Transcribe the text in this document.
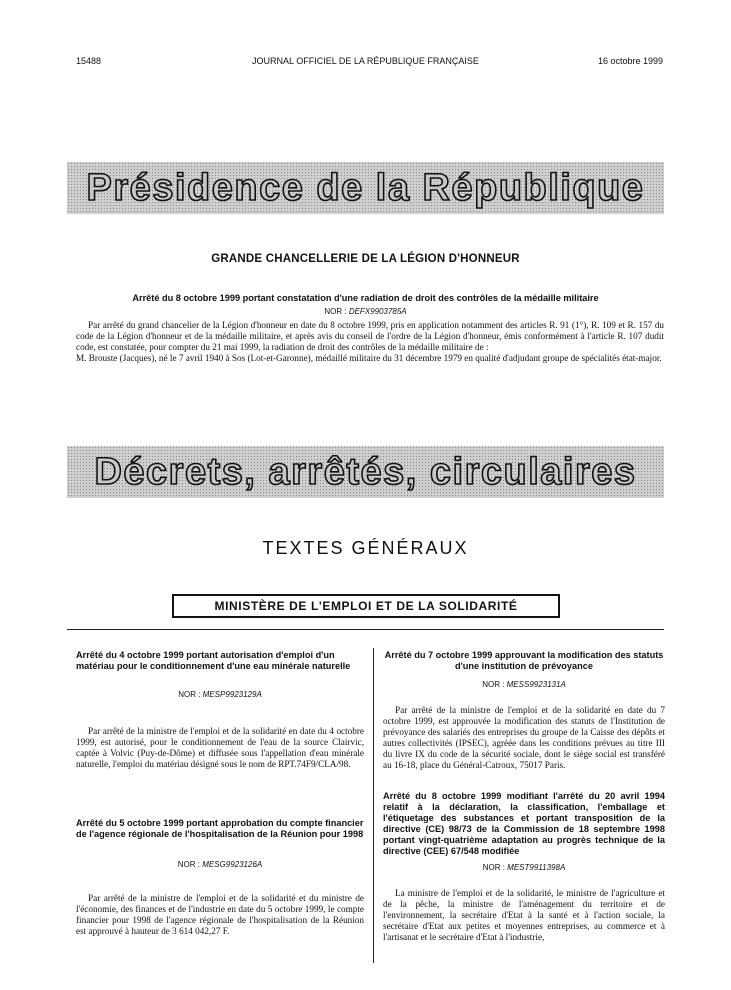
15488	JOURNAL OFFICIEL DE LA RÉPUBLIQUE FRANÇAISE	16 octobre 1999
Présidence de la République
GRANDE CHANCELLERIE DE LA LÉGION D'HONNEUR
Arrêté du 8 octobre 1999 portant constatation d'une radiation de droit des contrôles de la médaille militaire
NOR : DEFX9903785A
Par arrêté du grand chancelier de la Légion d'honneur en date du 8 octobre 1999, pris en application notamment des articles R. 91 (1°), R. 109 et R. 157 du code de la Légion d'honneur et de la médaille militaire, et après avis du conseil de l'ordre de la Légion d'honneur, émis conformément à l'article R. 107 dudit code, est constatée, pour compter du 21 mai 1999, la radiation de droit des contrôles de la médaille militaire de :
M. Brouste (Jacques), né le 7 avril 1940 à Sos (Lot-et-Garonne), médaillé militaire du 31 décembre 1979 en qualité d'adjudant groupe de spécialités état-major.
Décrets, arrêtés, circulaires
TEXTES GÉNÉRAUX
MINISTÈRE DE L'EMPLOI ET DE LA SOLIDARITÉ
Arrêté du 4 octobre 1999 portant autorisation d'emploi d'un matériau pour le conditionnement d'une eau minérale naturelle
NOR : MESP9923129A
Par arrêté de la ministre de l'emploi et de la solidarité en date du 4 octobre 1999, est autorisé, pour le conditionnement de l'eau de la source Clairvic, captée à Volvic (Puy-de-Dôme) et diffusée sous l'appellation d'eau minérale naturelle, l'emploi du matériau désigné sous le nom de RPT.74F9/CLA/98.
Arrêté du 5 octobre 1999 portant approbation du compte financier de l'agence régionale de l'hospitalisation de la Réunion pour 1998
NOR : MESG9923126A
Par arrêté de la ministre de l'emploi et de la solidarité et du ministre de l'économie, des finances et de l'industrie en date du 5 octobre 1999, le compte financier pour 1998 de l'agence régionale de l'hospitalisation de la Réunion est approuvé à hauteur de 3 614 042,27 F.
Arrêté du 7 octobre 1999 approuvant la modification des statuts d'une institution de prévoyance
NOR : MESS9923131A
Par arrêté de la ministre de l'emploi et de la solidarité en date du 7 octobre 1999, est approuvée la modification des statuts de l'Institution de prévoyance des salariés des entreprises du groupe de la Caisse des dépôts et autres collectivités (IPSEC), agréée dans les conditions prévues au titre III du livre IX du code de la sécurité sociale, dont le siège social est transféré au 16-18, place du Général-Catroux, 75017 Paris.
Arrêté du 8 octobre 1999 modifiant l'arrêté du 20 avril 1994 relatif à la déclaration, la classification, l'emballage et l'étiquetage des substances et portant transposition de la directive (CE) 98/73 de la Commission de 18 septembre 1998 portant vingt-quatrième adaptation au progrès technique de la directive (CEE) 67/548 modifiée
NOR : MEST9911398A
La ministre de l'emploi et de la solidarité, le ministre de l'agriculture et de la pêche, la ministre de l'aménagement du territoire et de l'environnement, la secrétaire d'Etat à la santé et à l'action sociale, la secrétaire d'Etat aux petites et moyennes entreprises, au commerce et à l'artisanat et le secrétaire d'Etat à l'industrie,
